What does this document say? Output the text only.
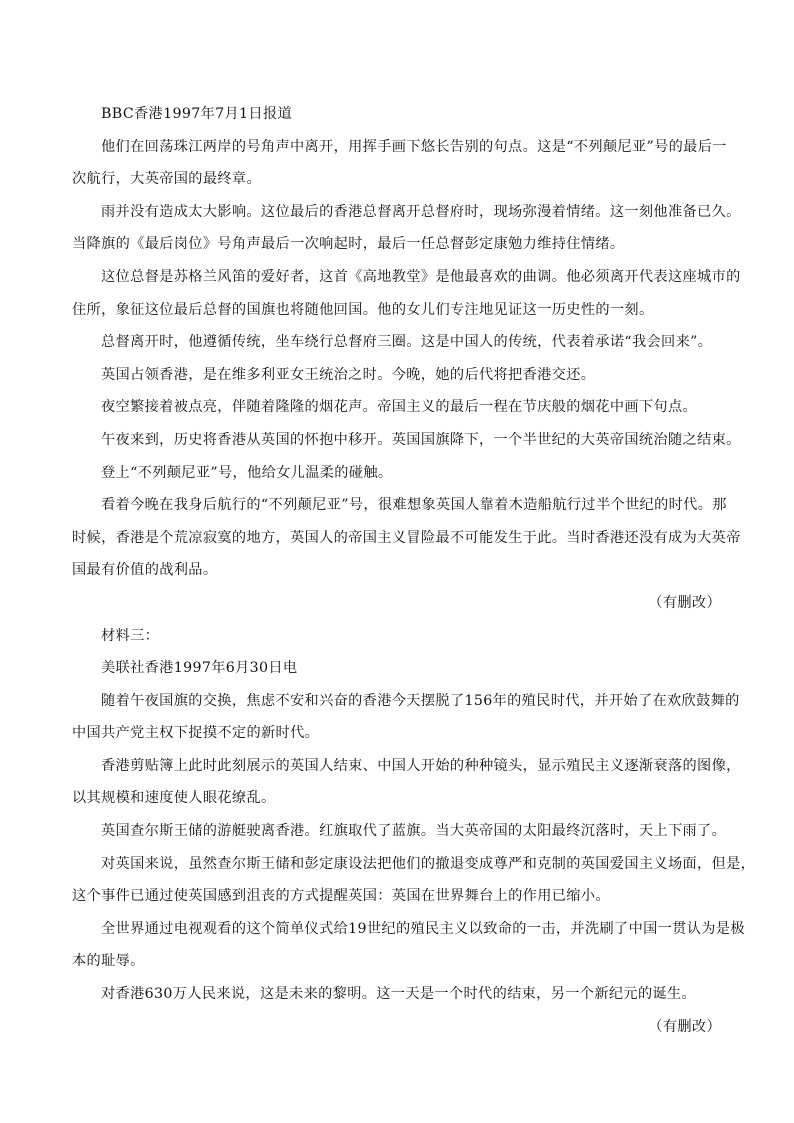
BBC香港1997年7月1日报道
他们在回荡珠江两岸的号角声中离开，用挥手画下悠长告别的句点。这是“不列颠尼亚”号的最后一
次航行，大英帝国的最终章。
雨并没有造成太大影响。这位最后的香港总督离开总督府时，现场弥漫着情绪。这一刻他准备已久。
当降旗的《最后岗位》号角声最后一次响起时，最后一任总督彭定康勉力维持住情绪。
这位总督是苏格兰风笛的爱好者，这首《高地教堂》是他最喜欢的曲调。他必须离开代表这座城市的
住所，象征这位最后总督的国旗也将随他回国。他的女儿们专注地见证这一历史性的一刻。
总督离开时，他遵循传统，坐车绕行总督府三圈。这是中国人的传统，代表着承诺“我会回来”。
英国占领香港，是在维多利亚女王统治之时。今晚，她的后代将把香港交还。
夜空繁接着被点亮，伴随着隆隆的烟花声。帝国主义的最后一程在节庆般的烟花中画下句点。
午夜来到，历史将香港从英国的怀抱中移开。英国国旗降下，一个半世纪的大英帝国统治随之结束。
登上“不列颠尼亚”号，他给女儿温柔的碰触。
看着今晚在我身后航行的“不列颠尼亚”号，很难想象英国人靠着木造船航行过半个世纪的时代。那
时候，香港是个荒凉寂寞的地方，英国人的帝国主义冒险最不可能发生于此。当时香港还没有成为大英帝
国最有价值的战利品。
（有删改）
材料三：
美联社香港1997年6月30日电
随着午夜国旗的交换，焦虑不安和兴奋的香港今天摆脱了156年的殖民时代，并开始了在欢欣鼓舞的
中国共产党主权下捉摸不定的新时代。
香港剪贴簿上此时此刻展示的英国人结束、中国人开始的种种镜头，显示殖民主义逐渐衰落的图像，
以其规模和速度使人眼花缭乱。
英国查尔斯王储的游艇驶离香港。红旗取代了蓝旗。当大英帝国的太阳最终沉落时，天上下雨了。
对英国来说，虽然查尔斯王储和彭定康设法把他们的撤退变成尊严和克制的英国爱国主义场面，但是，
这个事件已通过使英国感到沮丧的方式提醒英国：英国在世界舞台上的作用已缩小。
全世界通过电视观看的这个简单仪式给19世纪的殖民主义以致命的一击，并洗刷了中国一贯认为是极
本的耻辱。
对香港630万人民来说，这是未来的黎明。这一天是一个时代的结束，另一个新纪元的诞生。
（有删改）
